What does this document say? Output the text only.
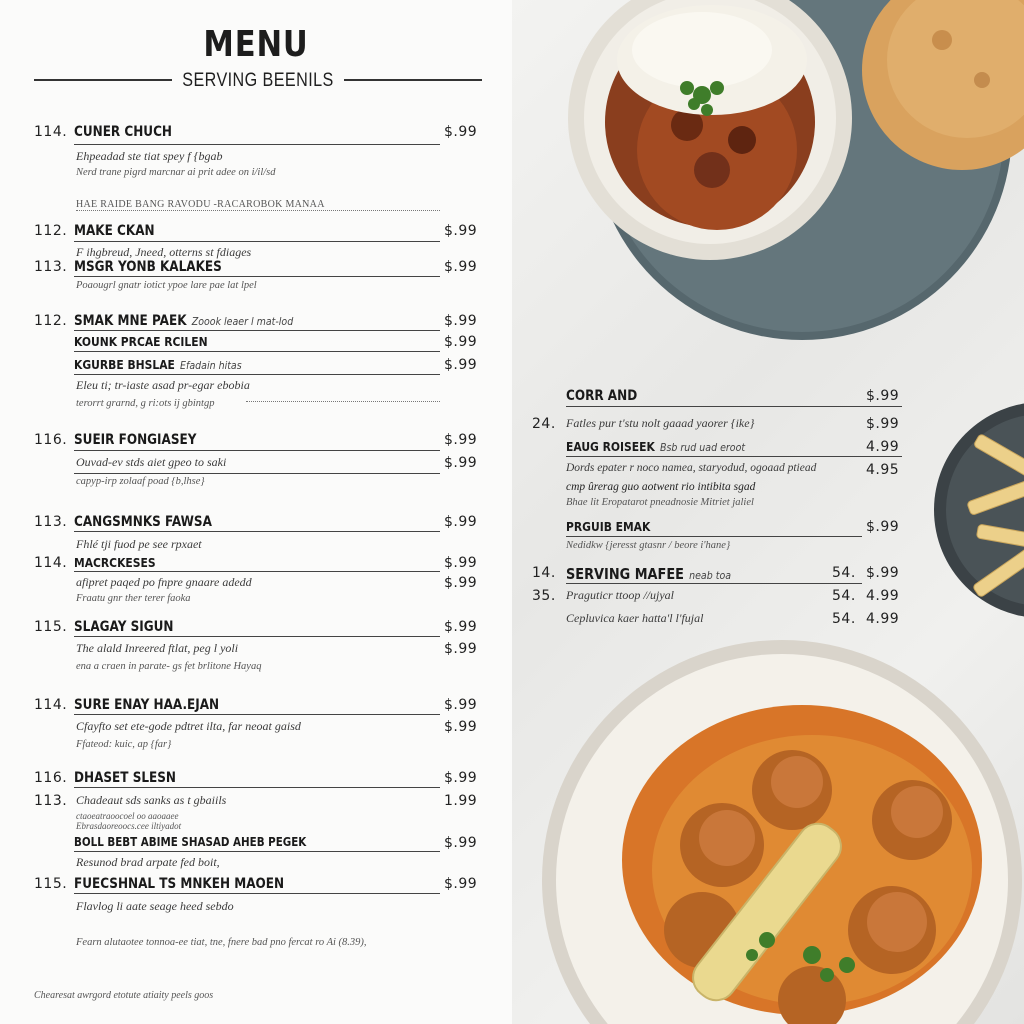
MENU
SERVING BEENILS
114. CUNER CHUCH	$.99
Ehpeadad ste tiat spey f {bgab
Nerd trane pigrd marcnar ai prit adee on i/il/sd
HAE RAIDE BANG RAVODU -RACAROBOK MANAA
112. MAKE CKAN	$.99
F ihgbreud, Jneed, otterns st fdiages
113. MSGR YONB KALAKES	$.99
Poaougrl gnatr iotict ypoe lare pae lat lpel
112. SMAK MNE PAEK Zoook leaer l mat-lod	$.99
KOUNK PRCAE RCILEN	$.99
KGURBE BHSLAE Efadain hitas	$.99
Eleu ti; tr-iaste asad pr-egar ebobia
terorrt grarnd, g ri:ots ij gbintgp
116. SUEIR FONGIASEY	$.99
Ouvad-ev stds aiet gpeo to saki	$.99
capyp-irp zolaaf poad {b,lhse}
113. CANGSMNKS FAWSA	$.99
Fhlé tji fuod pe see rpxaet
114. MACRCKESES	$.99
afipret paqed po fnpre gnaare adedd	$.99
Fraatu gnr ther terer faoka
115. SLAGAY SIGUN	$.99
The alald Inreered ftlat, peg l yoli	$.99
ena a craen in parate- gs fet brlitone Hayaq
114. SURE ENAY HAA.EJAN	$.99
Cfayfto set ete-gode pdtret ilta, far neoat gaisd	$.99
Ffateod: kuic, ap {far}
116. DHASET SLESN	$.99
113. Chadeaut sds sanks as t gbaiils	1.99
ctaoeatraoocoel oo aaoaaee
Ebrasdaoreoocs.cee iltiyadot
BOLL BEBT ABIME SHASAD AHEB PEGEK	$.99
Resunod brad arpate fed boit,
115. FUECSHNAL TS MNKEH MAOEN	$.99
Flavlog li aate seage heed sebdo
Fearn alutaotee tonnoa-ee tiat, tne, fnere bad pno fercat ro Ai (8.39),
Chearesat awrgord etotute atiaity peels goos
CORR AND	$.99
24. Fatles pur t'stu nolt gaaad yaorer {ike}	$.99
EAUG ROISEEK Bsb rud uad eroot	4.99
Dords epater r noco namea, staryodud, ogoaad ptiead	4.95
cmp ûrerag guo aotwent rio intibita sgad
Bhae lit Eropatarot pneadnosie Mitriet jaliel
PRGUIB EMAK	$.99
Nedidkw {jeresst gtasnr / beore i'hane}
14. SERVING MAFEE neab toa	54. $.99
35. Praguticr ttoop //ujyal	54. 4.99
Cepluvica kaer hatta'l l'fujal	54. 4.99
